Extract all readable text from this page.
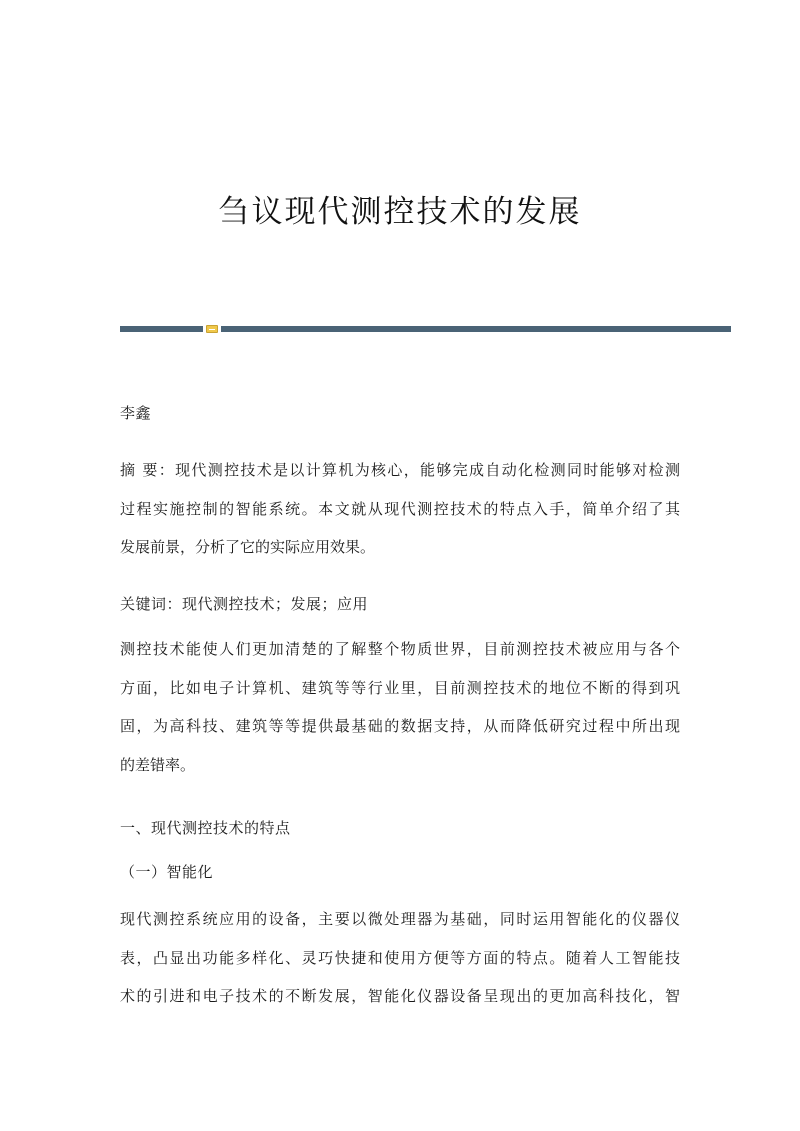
刍议现代测控技术的发展

李鑫

摘 要：现代测控技术是以计算机为核心，能够完成自动化检测同时能够对检测
过程实施控制的智能系统。本文就从现代测控技术的特点入手，简单介绍了其
发展前景，分析了它的实际应用效果。

关键词：现代测控技术；发展；应用

测控技术能使人们更加清楚的了解整个物质世界，目前测控技术被应用与各个
方面，比如电子计算机、建筑等等行业里，目前测控技术的地位不断的得到巩
固，为高科技、建筑等等提供最基础的数据支持，从而降低研究过程中所出现
的差错率。

一、现代测控技术的特点

（一）智能化

现代测控系统应用的设备，主要以微处理器为基础，同时运用智能化的仪器仪
表，凸显出功能多样化、灵巧快捷和使用方便等方面的特点。随着人工智能技
术的引进和电子技术的不断发展，智能化仪器设备呈现出的更加高科技化，智
